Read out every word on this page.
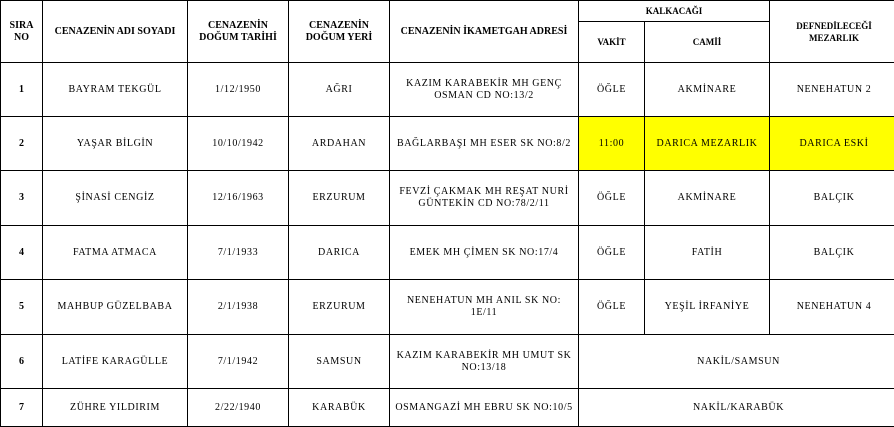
SIRA NO	CENAZENİN ADI SOYADI	CENAZENİN DOĞUM TARİHİ	CENAZENİN DOĞUM YERİ	CENAZENİN İKAMETGAH ADRESİ	KALKACAĞI		DEFNEDİLECEĞİ MEZARLIK
					VAKİT	CAMİİ	
1	BAYRAM TEKGÜL	1/12/1950	AĞRI	KAZIM KARABEKİR MH GENÇ OSMAN CD NO:13/2	ÖĞLE	AKMİNARE	NENEHATUN 2
2	YAŞAR BİLGİN	10/10/1942	ARDAHAN	BAĞLARBAŞI MH ESER SK NO:8/2	11:00	DARICA MEZARLIK	DARICA ESKİ
3	ŞİNASİ CENGİZ	12/16/1963	ERZURUM	FEVZİ ÇAKMAK MH REŞAT NURİ GÜNTEKİN CD NO:78/2/11	ÖĞLE	AKMİNARE	BALÇIK
4	FATMA ATMACA	7/1/1933	DARICA	EMEK MH ÇİMEN SK NO:17/4	ÖĞLE	FATİH	BALÇIK
5	MAHBUP GÜZELBABA	2/1/1938	ERZURUM	NENEHATUN MH ANIL SK NO: 1E/11	ÖĞLE	YEŞİL İRFANİYE	NENEHATUN 4
6	LATİFE KARAGÜLLE	7/1/1942	SAMSUN	KAZIM KARABEKİR MH UMUT SK NO:13/18	NAKİL/SAMSUN		
7	ZÜHRE YILDIRIM	2/22/1940	KARABÜK	OSMANGAZİ MH EBRU SK NO:10/5	NAKİL/KARABÜK		
